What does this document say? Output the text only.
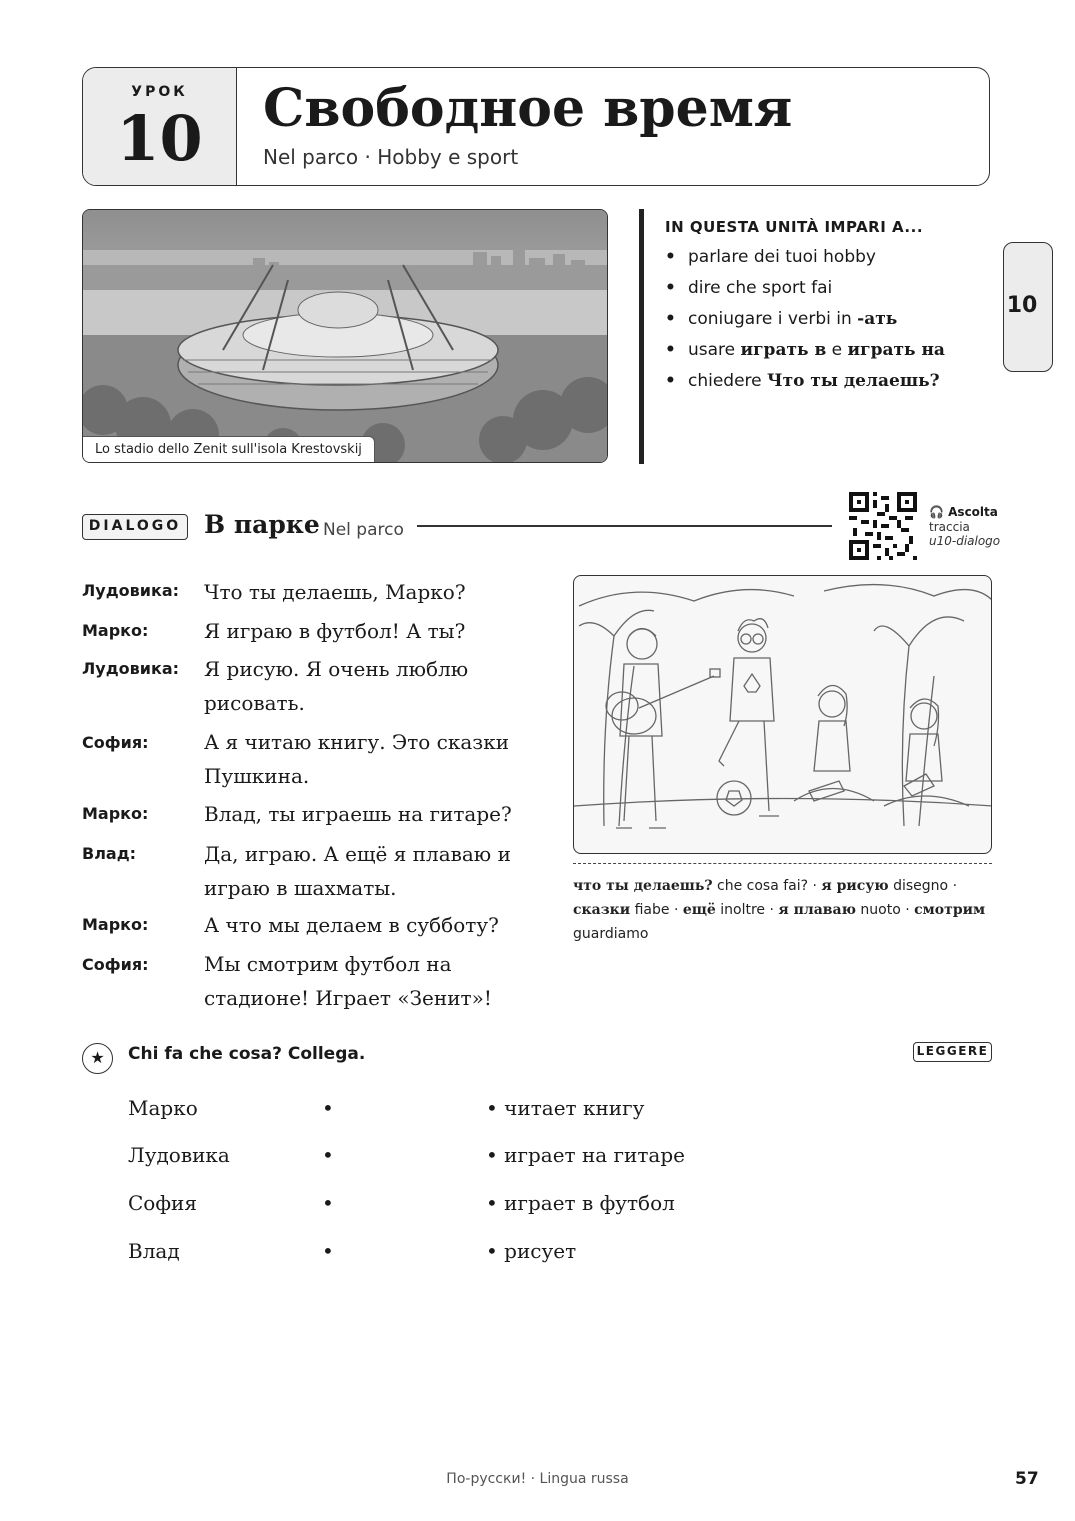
УРОК
10	Свободное время
Nel parco · Hobby e sport
Lo stadio dello Zenit sull'isola Krestovskij
IN QUESTA UNITÀ IMPARI A...
• parlare dei tuoi hobby
• dire che sport fai
• coniugare i verbi in -ать
• usare играть в e играть на
• chiedere Что ты делаешь?
10
DIALOGO В парке Nel parco
🎧 Ascolta
traccia
u10-dialogo
Лудовика: Что ты делаешь, Марко?
Марко:	Я играю в футбол! А ты?
Лудовика: Я рисую. Я очень люблю
рисовать.
София:	А я читаю книгу. Это сказки
Пушкина.
Марко:	Влад, ты играешь на гитаре?
Влад:	Да, играю. А ещё я плаваю и
играю в шахматы.
Марко:	А что мы делаем в субботу?
София:	Мы смотрим футбол на
стадионе! Играет «Зенит»!
что ты делаешь? che cosa fai? · я рисую disegno · сказки fiabe · ещё inoltre · я плаваю nuoto · смотрим guardiamo
★	Chi fa che cosa? Collega.	LEGGERE
Марко	•	• читает книгу
Лудовика	•	• играет на гитаре
София	•	• играет в футбол
Влад	•	• рисует
По-русски! · Lingua russa	57
